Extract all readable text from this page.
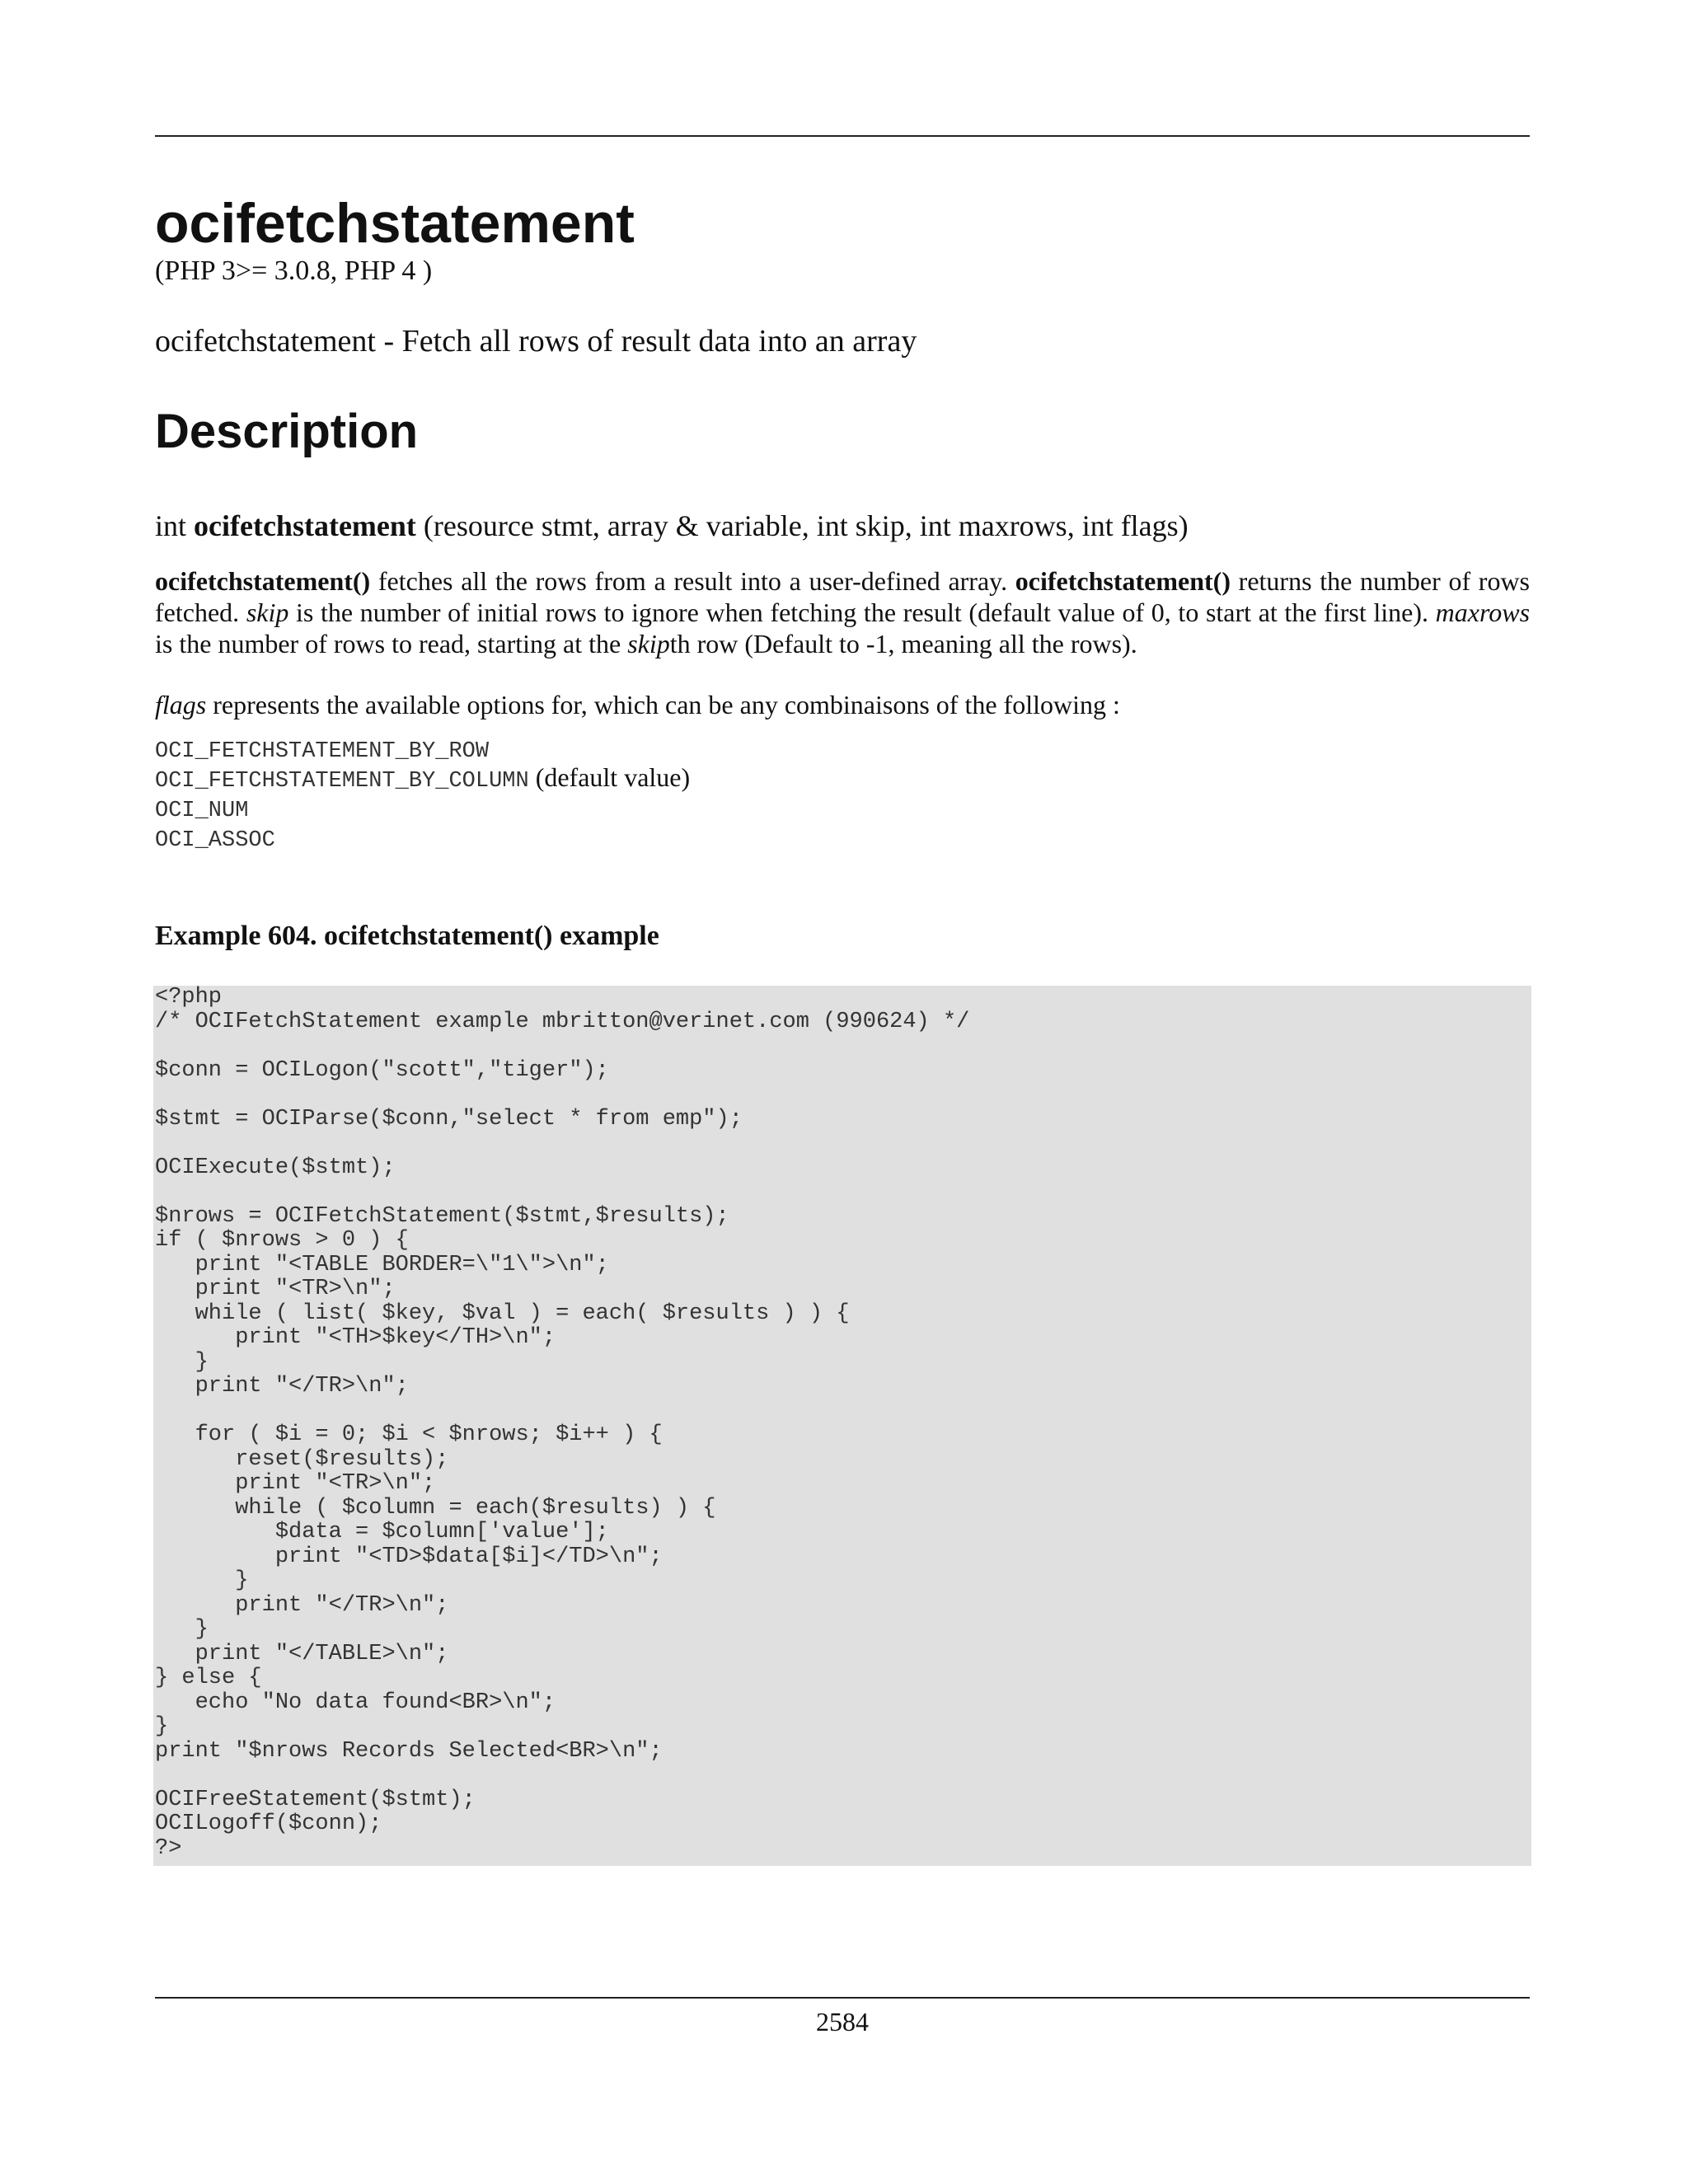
ocifetchstatement
(PHP 3>= 3.0.8, PHP 4 )
ocifetchstatement - Fetch all rows of result data into an array
Description
int ocifetchstatement (resource stmt, array & variable, int skip, int maxrows, int flags)

ocifetchstatement() fetches all the rows from a result into a user-defined array. ocifetchstatement() returns the number of rows fetched. skip is the number of initial rows to ignore when fetching the result (default value of 0, to start at the first line). maxrows is the number of rows to read, starting at the skipth row (Default to -1, meaning all the rows).

flags represents the available options for, which can be any combinaisons of the following :
OCI_FETCHSTATEMENT_BY_ROW
OCI_FETCHSTATEMENT_BY_COLUMN (default value)
OCI_NUM
OCI_ASSOC
Example 604. ocifetchstatement() example
<?php
/* OCIFetchStatement example mbritton@verinet.com (990624) */

$conn = OCILogon("scott","tiger");

$stmt = OCIParse($conn,"select * from emp");

OCIExecute($stmt);

$nrows = OCIFetchStatement($stmt,$results);
if ( $nrows > 0 ) {
print "<TABLE BORDER=\"1\">\n";
print "<TR>\n";
while ( list( $key, $val ) = each( $results ) ) {
print "<TH>$key</TH>\n";
}
print "</TR>\n";

for ( $i = 0; $i < $nrows; $i++ ) {
reset($results);
print "<TR>\n";
while ( $column = each($results) ) {
$data = $column['value'];
print "<TD>$data[$i]</TD>\n";
}
print "</TR>\n";
}
print "</TABLE>\n";
} else {
echo "No data found<BR>\n";
}
print "$nrows Records Selected<BR>\n";

OCIFreeStatement($stmt);
OCILogoff($conn);
?>
2584
